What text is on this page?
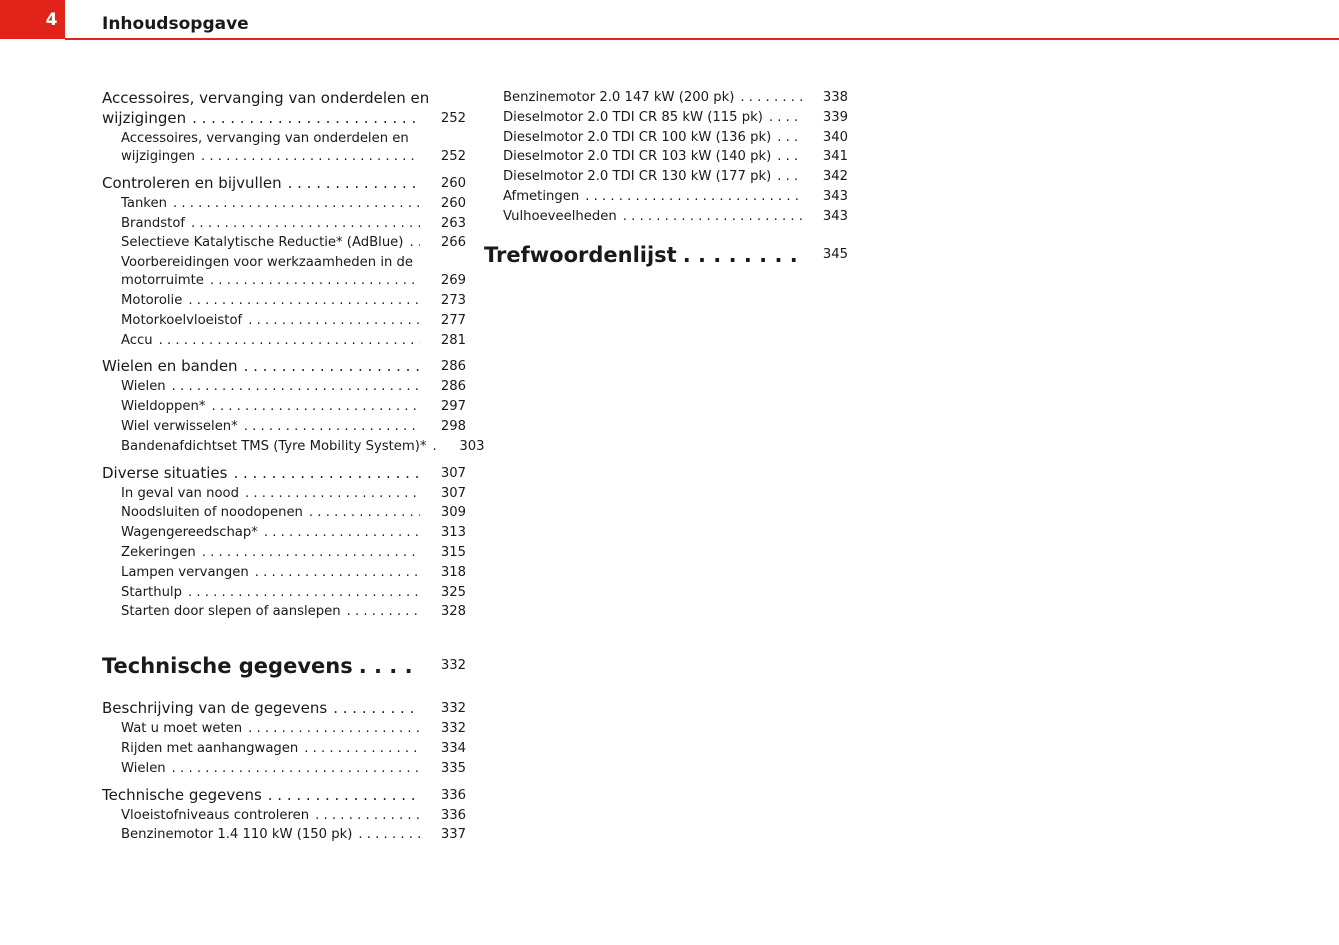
4	Inhoudsopgave
Accessoires, vervanging van onderdelen en
wijzigingen . . .	252
Accessoires, vervanging van onderdelen en
wijzigingen . . .	252
Controleren en bijvullen . . .	260
Tanken . . .	260
Brandstof . . .	263
Selectieve Katalytische Reductie* (AdBlue) . . .	266
Voorbereidingen voor werkzaamheden in de
motorruimte . . .	269
Motorolie . . .	273
Motorkoelvloeistof . . .	277
Accu . . .	281
Wielen en banden . . .	286
Wielen . . .	286
Wieldoppen* . . .	297
Wiel verwisselen* . . .	298
Bandenafdichtset TMS (Tyre Mobility System)* . . .	303
Diverse situaties . . .	307
In geval van nood . . .	307
Noodsluiten of noodopenen . . .	309
Wagengereedschap* . . .	313
Zekeringen . . .	315
Lampen vervangen . . .	318
Starthulp . . .	325
Starten door slepen of aanslepen . . .	328
Technische gegevens . . .	332
Beschrijving van de gegevens . . .	332
Wat u moet weten . . .	332
Rijden met aanhangwagen . . .	334
Wielen . . .	335
Technische gegevens . . .	336
Vloeistofniveaus controleren . . .	336
Benzinemotor 1.4 110 kW (150 pk) . . .	337
Benzinemotor 2.0 147 kW (200 pk) . . .	338
Dieselmotor 2.0 TDI CR 85 kW (115 pk) . . .	339
Dieselmotor 2.0 TDI CR 100 kW (136 pk) . . .	340
Dieselmotor 2.0 TDI CR 103 kW (140 pk) . . .	341
Dieselmotor 2.0 TDI CR 130 kW (177 pk) . . .	342
Afmetingen . . .	343
Vulhoeveelheden . . .	343
Trefwoordenlijst . . .	345
